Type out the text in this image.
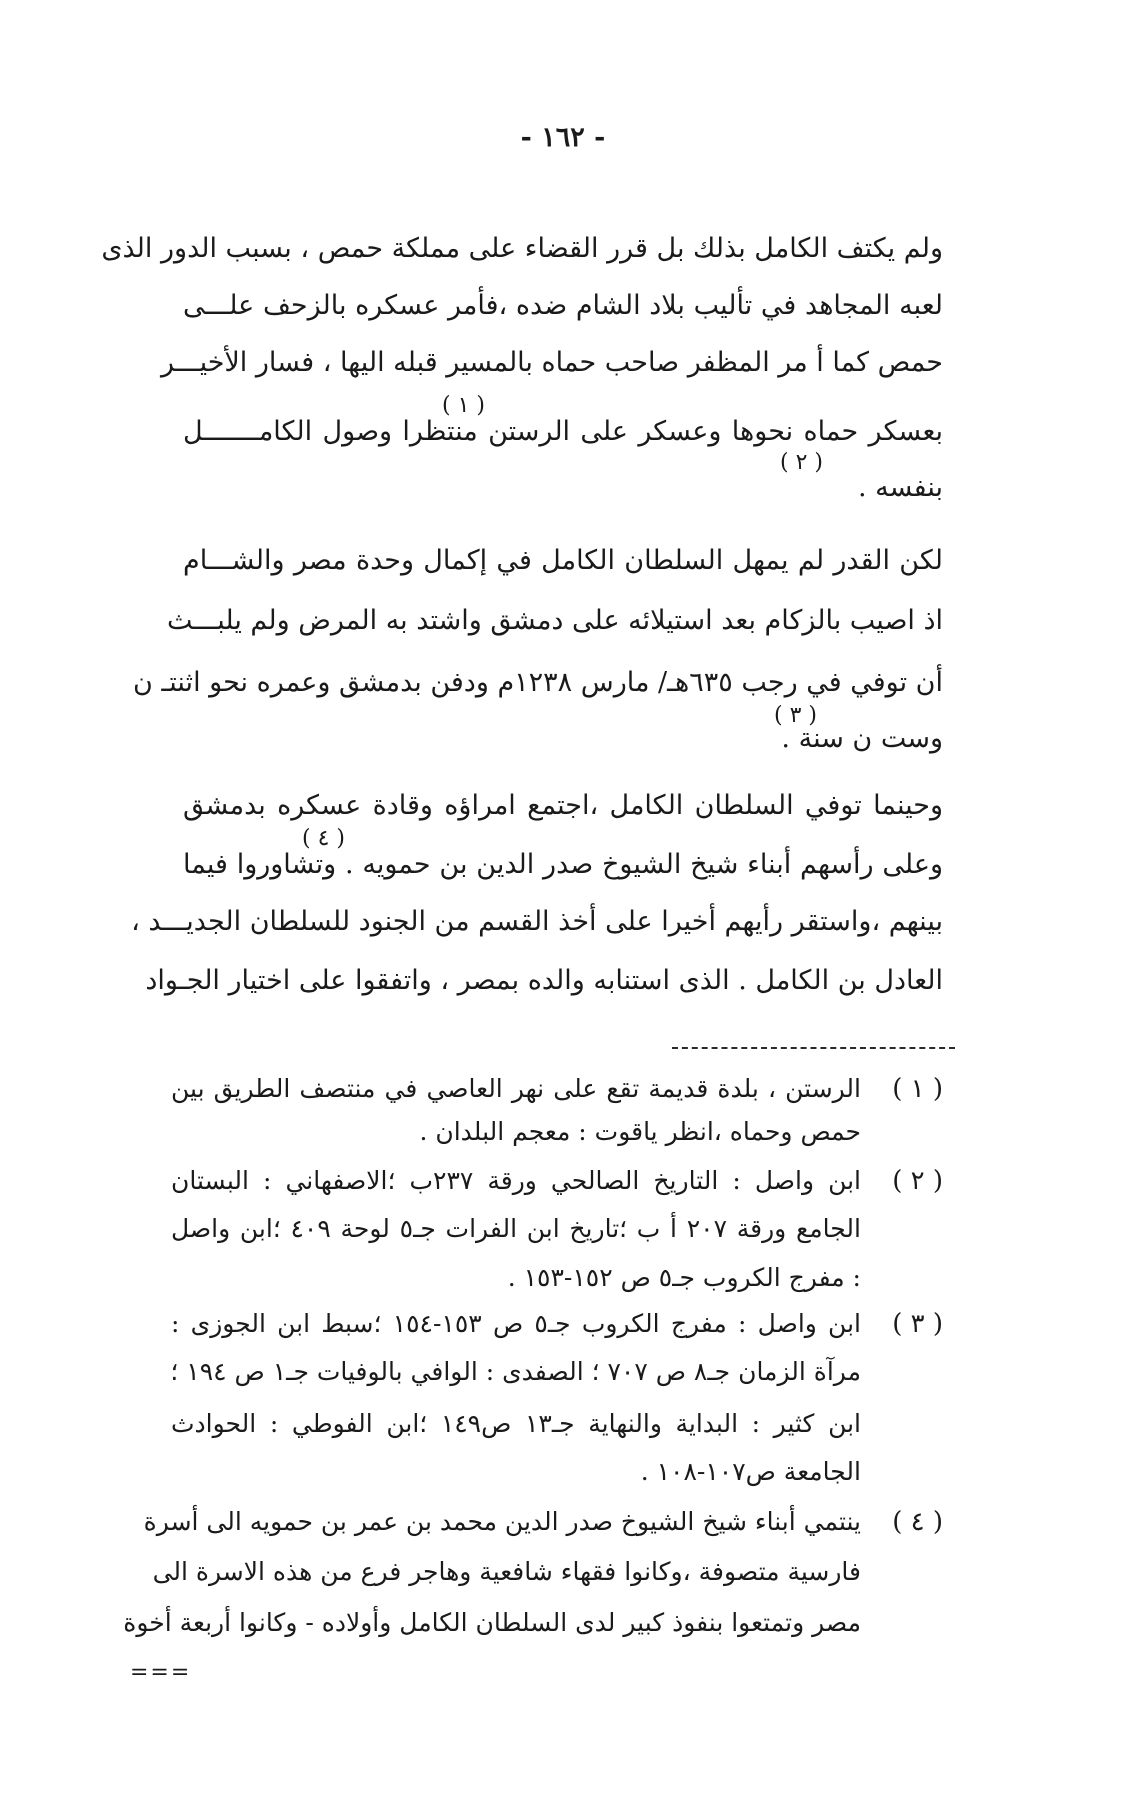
- ١٦٢ -
ولم يكتف الكامل بذلك بل قرر القضاء على مملكة حمص ، بسبب الدور الذى
لعبه المجاهد في تأليب بلاد الشام ضده ،فأمر عسكره بالزحف علـــى
حمص كما أ مر المظفر صاحب حماه بالمسير قبله اليها ، فسار الأخيـــر
بعسكر حماه نحوها وعسكر على الرستن منتظرا وصول الكامـــــــل
بنفسه .
( ١ )
( ٢ )
لكن القدر لم يمهل السلطان الكامل في إكمال وحدة مصر والشـــام
اذ اصيب بالزكام بعد استيلائه على دمشق واشتد به المرض ولم يلبـــث
أن توفي في رجب ٦٣٥هـ/ مارس ١٢٣٨م ودفن بدمشق وعمره نحو اثنتـ ن
وست ن سنة .
( ٣ )
وحينما توفي السلطان الكامل ،اجتمع امراؤه وقادة عسكره بدمشق
وعلى رأسهم أبناء شيخ الشيوخ صدر الدين بن حمويه . وتشاوروا فيما
بينهم ،واستقر رأيهم أخيرا على أخذ القسم من الجنود للسلطان الجديـــد ،
العادل بن الكامل . الذى استنابه والده بمصر ، واتفقوا على اختيار الجـواد
( ٤ )
( ١ )
الرستن ، بلدة قديمة تقع على نهر العاصي في منتصف الطريق بين
حمص وحماه ،انظر ياقوت : معجم البلدان .
( ٢ )
ابن واصل : التاريخ الصالحي ورقة ٢٣٧ب ؛الاصفهاني : البستان
الجامع ورقة ٢٠٧ أ ب ؛تاريخ ابن الفرات جـ٥ لوحة ٤٠٩ ؛ابن واصل
: مفرج الكروب جـ٥ ص ١٥٢-١٥٣ .
( ٣ )
ابن واصل : مفرج الكروب جـ٥ ص ١٥٣-١٥٤ ؛سبط ابن الجوزى :
مرآة الزمان جـ٨ ص ٧٠٧ ؛ الصفدى : الوافي بالوفيات جـ١ ص ١٩٤ ؛
ابن كثير : البداية والنهاية جـ١٣ ص١٤٩ ؛ابن الفوطي : الحوادث
الجامعة ص١٠٧-١٠٨ .
( ٤ )
ينتمي أبناء شيخ الشيوخ صدر الدين محمد بن عمر بن حمويه الى أسرة
فارسية متصوفة ،وكانوا فقهاء شافعية وهاجر فرع من هذه الاسرة الى
مصر وتمتعوا بنفوذ كبير لدى السلطان الكامل وأولاده - وكانوا أربعة أخوة
===
